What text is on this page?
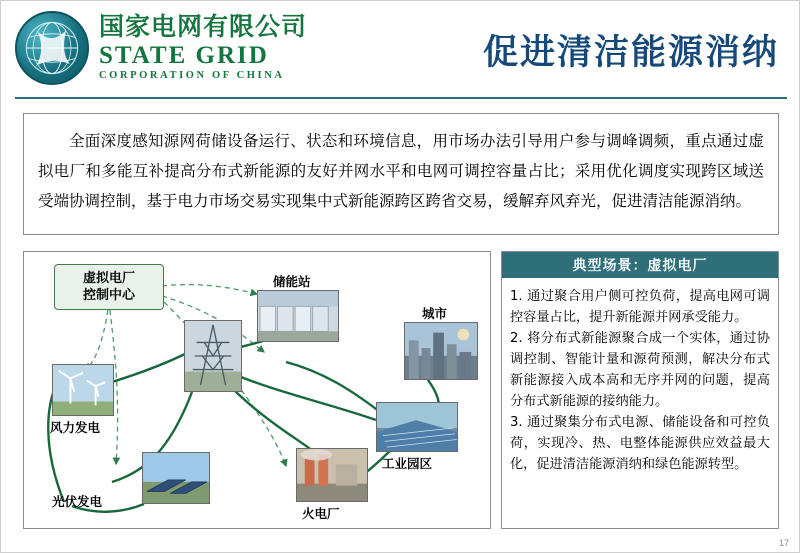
国家电网有限公司
STATE GRID
CORPORATION OF CHINA
促进清洁能源消纳

全面深度感知源网荷储设备运行、状态和环境信息，用市场办法引导用户参与调峰调频，重点通过虚拟电厂和多能互补提高分布式新能源的友好并网水平和电网可调控容量占比；采用优化调度实现跨区域送受端协调控制，基于电力市场交易实现集中式新能源跨区跨省交易，缓解弃风弃光，促进清洁能源消纳。

虚拟电厂
控制中心
储能站
城市
风力发电
光伏发电
火电厂
工业园区
典型场景：虚拟电厂

1. 通过聚合用户侧可控负荷，提高电网可调控容量占比，提升新能源并网承受能力。

2. 将分布式新能源聚合成一个实体，通过协调控制、智能计量和源荷预测，解决分布式新能源接入成本高和无序并网的问题，提高分布式新能源的接纳能力。

3. 通过聚集分布式电源、储能设备和可控负荷，实现冷、热、电整体能源供应效益最大化，促进清洁能源消纳和绿色能源转型。

17
